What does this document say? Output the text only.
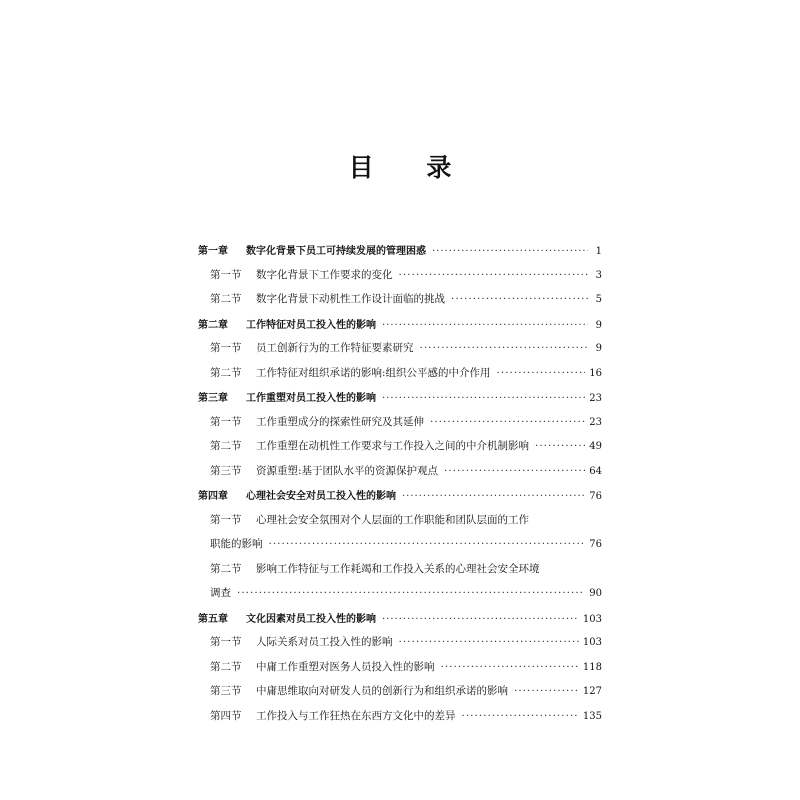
目 录
第一章	数字化背景下员工可持续发展的管理困惑 ·····	1
第一节	数字化背景下工作要求的变化 ·····	3
第二节	数字化背景下动机性工作设计面临的挑战 ·····	5
第二章	工作特征对员工投入性的影响 ·····	9
第一节	员工创新行为的工作特征要素研究 ·····	9
第二节	工作特征对组织承诺的影响:组织公平感的中介作用 ·····	16
第三章	工作重塑对员工投入性的影响 ·····	23
第一节	工作重塑成分的探索性研究及其延伸 ·····	23
第二节	工作重塑在动机性工作要求与工作投入之间的中介机制影响 ·····	49
第三节	资源重塑:基于团队水平的资源保护观点 ·····	64
第四章	心理社会安全对员工投入性的影响 ·····	76
第一节	心理社会安全氛围对个人层面的工作职能和团队层面的工作
职能的影响 ·····	76
第二节	影响工作特征与工作耗竭和工作投入关系的心理社会安全环境
调查 ·····	90
第五章	文化因素对员工投入性的影响 ·····	103
第一节	人际关系对员工投入性的影响 ·····	103
第二节	中庸工作重塑对医务人员投入性的影响 ·····	118
第三节	中庸思维取向对研发人员的创新行为和组织承诺的影响 ·····	127
第四节	工作投入与工作狂热在东西方文化中的差异 ·····	135
